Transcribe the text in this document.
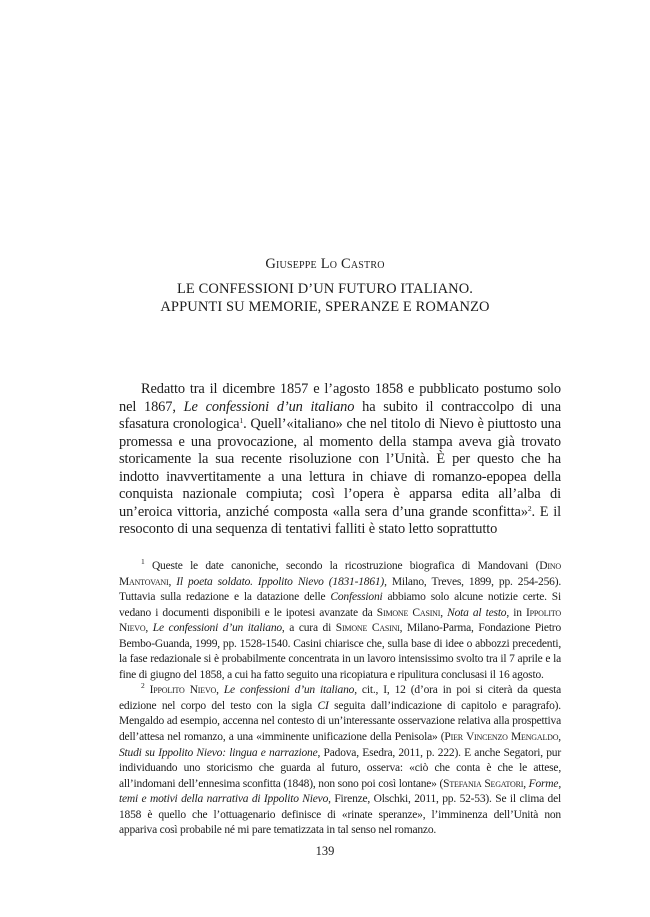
Giuseppe Lo Castro
LE CONFESSIONI D’UN FUTURO ITALIANO.
APPUNTI SU MEMORIE, SPERANZE E ROMANZO
Redatto tra il dicembre 1857 e l’agosto 1858 e pubblicato postumo solo nel 1867, Le confessioni d’un italiano ha subito il contraccolpo di una sfasatura cronologica$^1$. Quell’«italiano» che nel titolo di Nievo è piuttosto una promessa e una provocazione, al momento della stampa aveva già trovato storicamente la sua recente risoluzione con l’Unità. È per questo che ha indotto inavvertitamente a una lettura in chiave di romanzo-epopea della conquista nazionale compiuta; così l’opera è apparsa edita all’alba di un’eroica vittoria, anziché composta «alla sera d’una grande sconfitta»$^2$. E il resoconto di una sequenza di tentativi falliti è stato letto soprattutto

$^1$ Queste le date canoniche, secondo la ricostruzione biografica di Mandovani (Dino Mantovani, Il poeta soldato. Ippolito Nievo (1831-1861), Milano, Treves, 1899, pp. 254-256). Tuttavia sulla redazione e la datazione delle Confessioni abbiamo solo alcune notizie certe. Si vedano i documenti disponibili e le ipotesi avanzate da Simone Casini, Nota al testo, in Ippolito Nievo, Le confessioni d’un italiano, a cura di Simone Casini, Milano-Parma, Fondazione Pietro Bembo-Guanda, 1999, pp. 1528-1540. Casini chiarisce che, sulla base di idee o abbozzi precedenti, la fase redazionale si è probabilmente concentrata in un lavoro intensissimo svolto tra il 7 aprile e la fine di giugno del 1858, a cui ha fatto seguito una ricopiatura e ripulitura conclusasi il 16 agosto.

$^2$ Ippolito Nievo, Le confessioni d’un italiano, cit., I, 12 (d’ora in poi si citerà da questa edizione nel corpo del testo con la sigla CI seguita dall’indicazione di capitolo e paragrafo). Mengaldo ad esempio, accenna nel contesto di un’interessante osservazione relativa alla prospettiva dell’attesa nel romanzo, a una «imminente unificazione della Penisola» (Pier Vincenzo Mengaldo, Studi su Ippolito Nievo: lingua e narrazione, Padova, Esedra, 2011, p. 222). E anche Segatori, pur individuando uno storicismo che guarda al futuro, osserva: «ciò che conta è che le attese, all’indomani dell’ennesima sconfitta (1848), non sono poi così lontane» (Stefania Segatori, Forme, temi e motivi della narrativa di Ippolito Nievo, Firenze, Olschki, 2011, pp. 52-53). Se il clima del 1858 è quello che l’ottuagenario definisce di «rinate speranze», l’imminenza dell’Unità non appariva così probabile né mi pare tematizzata in tal senso nel romanzo.

139
